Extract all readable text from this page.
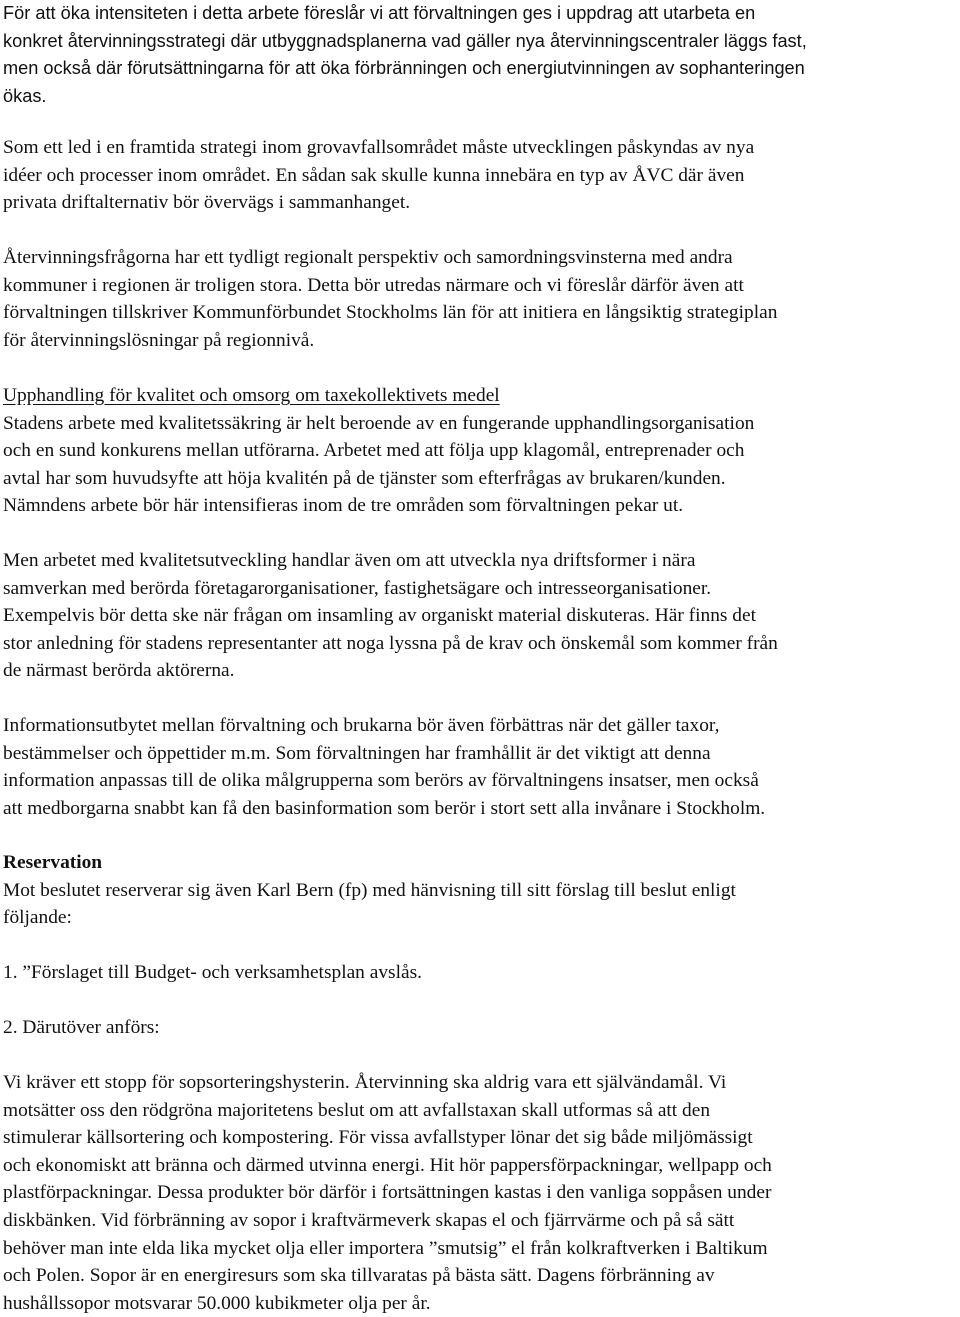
För att öka intensiteten i detta arbete föreslår vi att förvaltningen ges i uppdrag att utarbeta en
konkret återvinningsstrategi där utbyggnadsplanerna vad gäller nya återvinningscentraler läggs fast,
men också där förutsättningarna för att öka förbränningen och energiutvinningen av sophanteringen
ökas.
Som ett led i en framtida strategi inom grovavfallsområdet måste utvecklingen påskyndas av nya
idéer och processer inom området. En sådan sak skulle kunna innebära en typ av ÅVC där även
privata driftalternativ bör övervägs i sammanhanget.
Återvinningsfrågorna har ett tydligt regionalt perspektiv och samordningsvinsterna med andra
kommuner i regionen är troligen stora. Detta bör utredas närmare och vi föreslår därför även att
förvaltningen tillskriver Kommunförbundet Stockholms län för att initiera en långsiktig strategiplan
för återvinningslösningar på regionnivå.
Upphandling för kvalitet och omsorg om taxekollektivets medel
Stadens arbete med kvalitetssäkring är helt beroende av en fungerande upphandlingsorganisation
och en sund konkurens mellan utförarna. Arbetet med att följa upp klagomål, entreprenader och
avtal har som huvudsyfte att höja kvalitén på de tjänster som efterfrågas av brukaren/kunden.
Nämndens arbete bör här intensifieras inom de tre områden som förvaltningen pekar ut.
Men arbetet med kvalitetsutveckling handlar även om att utveckla nya driftsformer i nära
samverkan med berörda företagarorganisationer, fastighetsägare och intresseorganisationer.
Exempelvis bör detta ske när frågan om insamling av organiskt material diskuteras. Här finns det
stor anledning för stadens representanter att noga lyssna på de krav och önskemål som kommer från
de närmast berörda aktörerna.
Informationsutbytet mellan förvaltning och brukarna bör även förbättras när det gäller taxor,
bestämmelser och öppettider m.m. Som förvaltningen har framhållit är det viktigt att denna
information anpassas till de olika målgrupperna som berörs av förvaltningens insatser, men också
att medborgarna snabbt kan få den basinformation som berör i stort sett alla invånare i Stockholm.
Reservation
Mot beslutet reserverar sig även Karl Bern (fp) med hänvisning till sitt förslag till beslut enligt
följande:
1. ”Förslaget till Budget- och verksamhetsplan avslås.
2. Därutöver anförs:
Vi kräver ett stopp för sopsorteringshysterin. Återvinning ska aldrig vara ett självändamål. Vi
motsätter oss den rödgröna majoritetens beslut om att avfallstaxan skall utformas så att den
stimulerar källsortering och kompostering. För vissa avfallstyper lönar det sig både miljömässigt
och ekonomiskt att bränna och därmed utvinna energi. Hit hör pappersförpackningar, wellpapp och
plastförpackningar. Dessa produkter bör därför i fortsättningen kastas i den vanliga soppåsen under
diskbänken. Vid förbränning av sopor i kraftvärmeverk skapas el och fjärrvärme och på så sätt
behöver man inte elda lika mycket olja eller importera ”smutsig” el från kolkraftverken i Baltikum
och Polen. Sopor är en energiresurs som ska tillvaratas på bästa sätt. Dagens förbränning av
hushållssopor motsvarar 50.000 kubikmeter olja per år.
